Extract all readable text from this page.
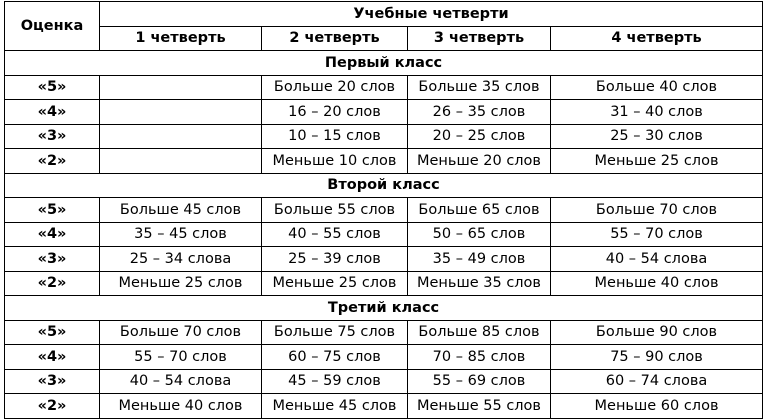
Оценка	Учебные четверти			
	1 четверть	2 четверть	3 четверть	4 четверть
Первый класс				
«5»		Больше 20 слов	Больше 35 слов	Больше 40 слов
«4»		16 – 20 слов	26 – 35 слов	31 – 40 слов
«3»		10 – 15 слов	20 – 25 слов	25 – 30 слов
«2»		Меньше 10 слов	Меньше 20 слов	Меньше 25 слов
Второй класс				
«5»	Больше 45 слов	Больше 55 слов	Больше 65 слов	Больше 70 слов
«4»	35 – 45 слов	40 – 55 слов	50 – 65 слов	55 – 70 слов
«3»	25 – 34 слова	25 – 39 слов	35 – 49 слов	40 – 54 слова
«2»	Меньше 25 слов	Меньше 25 слов	Меньше 35 слов	Меньше 40 слов
Третий класс				
«5»	Больше 70 слов	Больше 75 слов	Больше 85 слов	Больше 90 слов
«4»	55 – 70 слов	60 – 75 слов	70 – 85 слов	75 – 90 слов
«3»	40 – 54 слова	45 – 59 слов	55 – 69 слов	60 – 74 слова
«2»	Меньше 40 слов	Меньше 45 слов	Меньше 55 слов	Меньше 60 слов
